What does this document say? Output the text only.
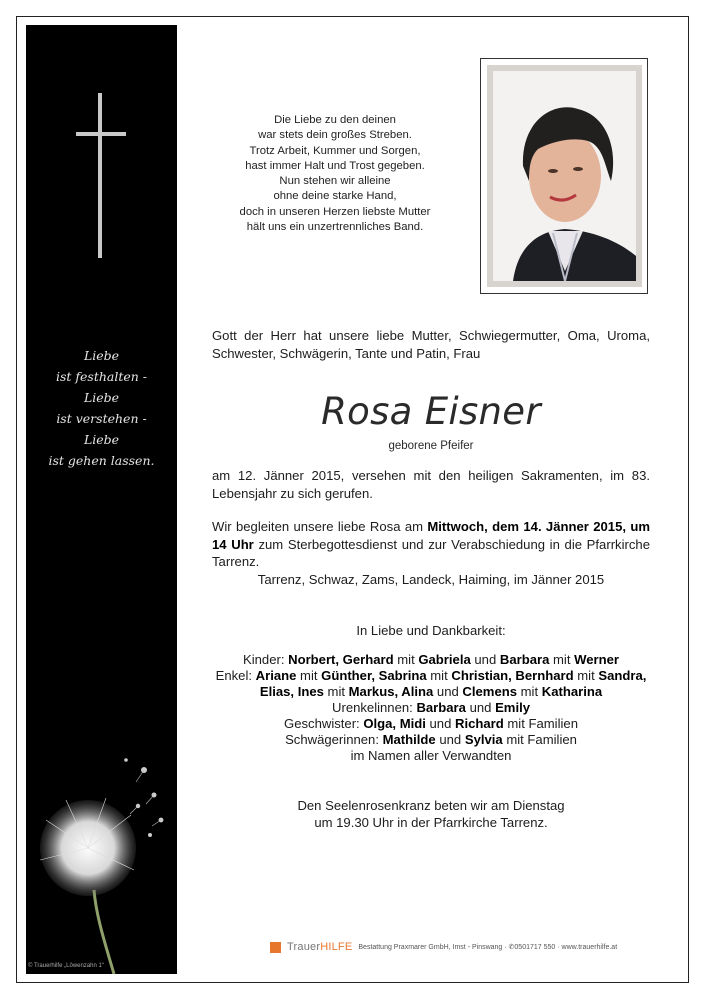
Liebe
ist festhalten -
Liebe
ist verstehen -
Liebe
ist gehen lassen.
© Trauerhilfe „Löwenzahn 1“
Die Liebe zu den deinen
war stets dein großes Streben.
Trotz Arbeit, Kummer und Sorgen,
hast immer Halt und Trost gegeben.
Nun stehen wir alleine
ohne deine starke Hand,
doch in unseren Herzen liebste Mutter
hält uns ein unzertrennliches Band.
Gott der Herr hat unsere liebe Mutter, Schwiegermutter, Oma, Uroma, Schwester, Schwägerin, Tante und Patin, Frau
Rosa Eisner
geborene Pfeifer
am 12. Jänner 2015, versehen mit den heiligen Sakramenten, im 83. Lebensjahr zu sich gerufen.
Wir begleiten unsere liebe Rosa am Mittwoch, dem 14. Jänner 2015, um 14 Uhr zum Sterbegottesdienst und zur Verabschiedung in die Pfarrkirche Tarrenz.
Tarrenz, Schwaz, Zams, Landeck, Haiming, im Jänner 2015
In Liebe und Dankbarkeit:
Kinder: Norbert, Gerhard mit Gabriela und Barbara mit Werner
Enkel: Ariane mit Günther, Sabrina mit Christian, Bernhard mit Sandra,
Elias, Ines mit Markus, Alina und Clemens mit Katharina
Urenkelinnen: Barbara und Emily
Geschwister: Olga, Midi und Richard mit Familien
Schwägerinnen: Mathilde und Sylvia mit Familien
im Namen aller Verwandten
Den Seelenrosenkranz beten wir am Dienstag
um 19.30 Uhr in der Pfarrkirche Tarrenz.
TrauerHILFE Bestattung Praxmarer GmbH, Imst - Pinswang · ✆0501717 550 · www.trauerhilfe.at
